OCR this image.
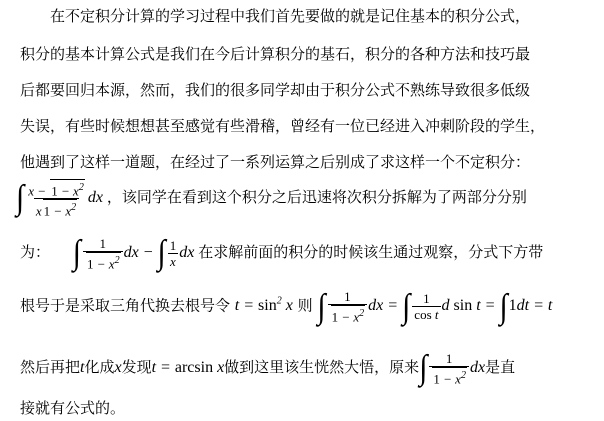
在不定积分计算的学习过程中我们首先要做的就是记住基本的积分公式，
积分的基本计算公式是我们在今后计算积分的基石，积分的各种方法和技巧最
后都要回归本源，然而，我们的很多同学却由于积分公式不熟练导致很多低级
失误，有些时候想想甚至感觉有些滑稽，曾经有一位已经进入冲刺阶段的学生，
他遇到了这样一道题，在经过了一系列运算之后别成了求这样一个不定积分：
∫ $\frac{x - 1 - x^2}{x 1 - x^2}$ dx ，该同学在看到这个积分之后迅速将次积分拆解为了两部分分别
为： ∫ $\frac{1}{1 - x^2}$ dx − ∫ $\frac{1}{x}$ dx 在求解前面的积分的时候该生通过观察，分式下方带
根号于是采取三角代换去根号令 $t = \sin^2 x$ 则 ∫ $\frac{1}{1 - x^2}$ dx = ∫ $\frac{1}{\text{cos t}}$ d sin t = ∫1dt = t
然后再把t化成x发现t = arcsin x做到这里该生恍然大悟，原来∫ $\frac{1}{1 - x^2}$ dx是直
接就有公式的。
